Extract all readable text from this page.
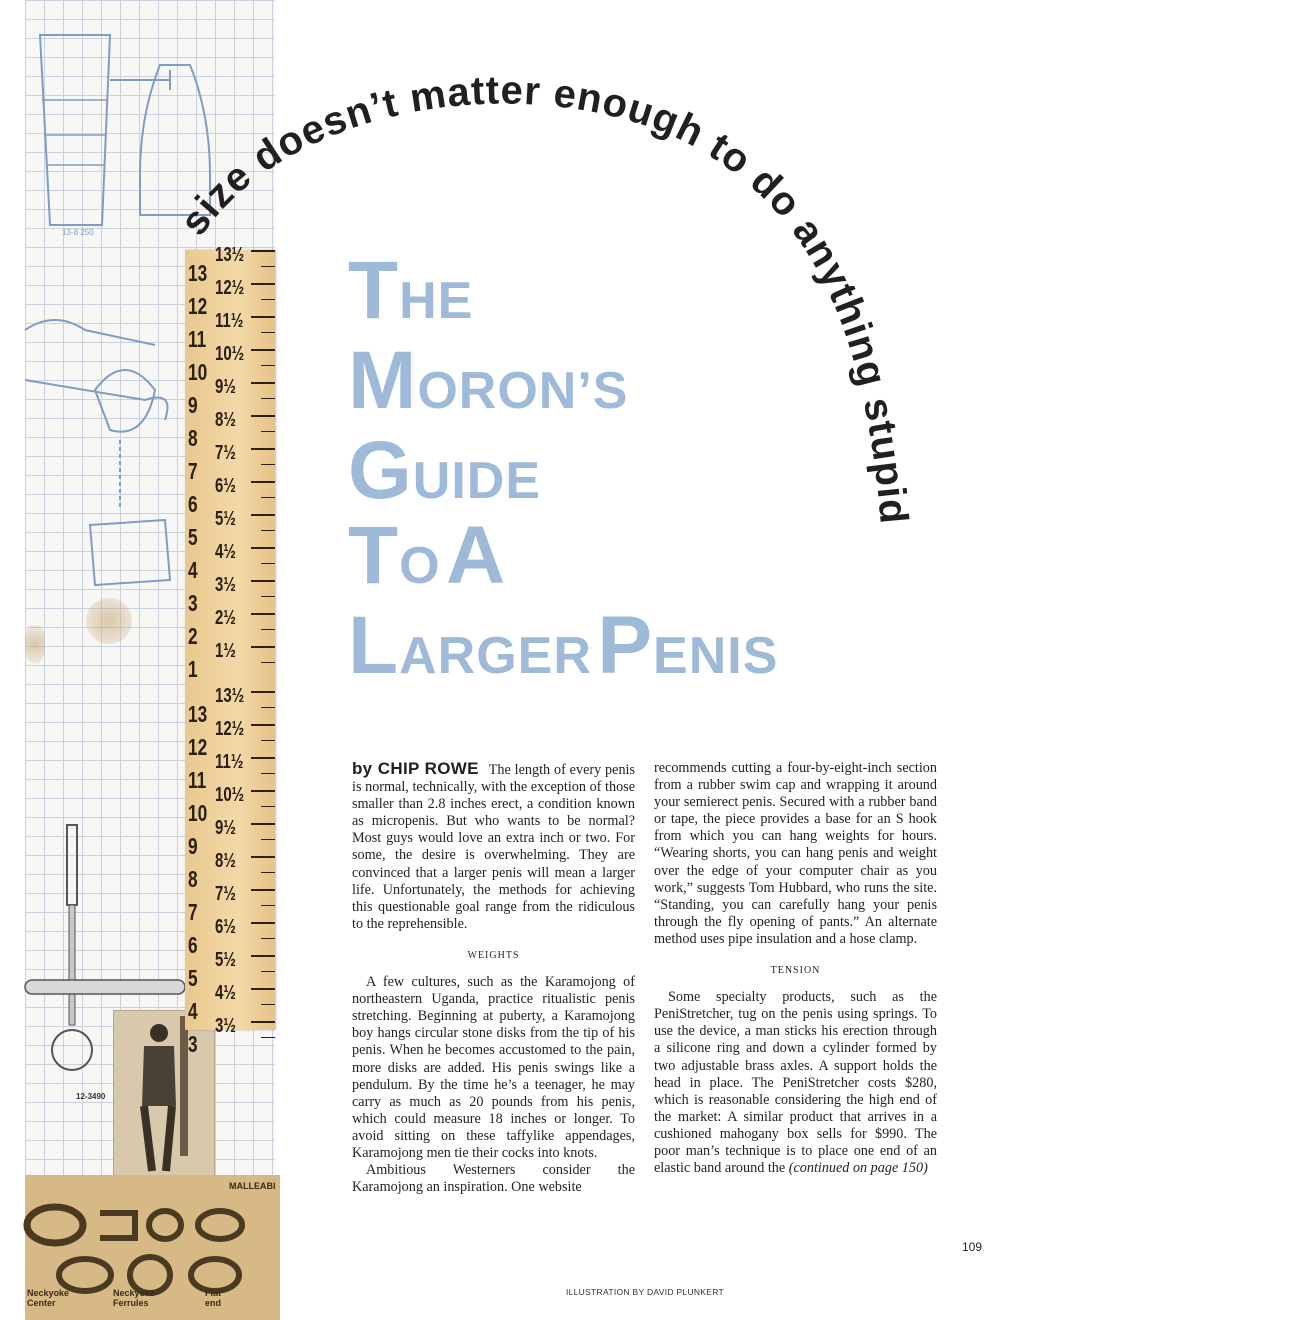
13-8 250
12-3490
MALLEABI
Neckyoke Center
Neckyoke Ferrules
Flat end
13½
13
12½
12
11½
11
10½
10
9½
9
8½
8
7½
7
6½
6
5½
5
4½
4
3½
3
2½
2
1½
1
13½
13
12½
12
11½
11
10½
10
9½
9
8½
8
7½
7
6½
6
5½
5
4½
4
3½
3
size doesn’t matter enough to do anything stupid
THE
MORON’S
GUIDE
TO A
LARGER PENIS

by CHIP ROWE The length of every penis is normal, technically, with the exception of those smaller than 2.8 inches erect, a condition known as micropenis. But who wants to be normal? Most guys would love an extra inch or two. For some, the desire is overwhelming. They are convinced that a larger penis will mean a larger life. Unfortunately, the methods for achieving this questionable goal range from the ridiculous to the reprehensible.

WEIGHTS

A few cultures, such as the Karamojong of northeastern Uganda, practice ritualistic penis stretching. Beginning at puberty, a Karamojong boy hangs circular stone disks from the tip of his penis. When he becomes accustomed to the pain, more disks are added. His penis swings like a pendulum. By the time he’s a teenager, he may carry as much as 20 pounds from his penis, which could measure 18 inches or longer. To avoid sitting on these taffylike appendages, Karamojong men tie their cocks into knots.

Ambitious Westerners consider the Karamojong an inspiration. One website

recommends cutting a four-by-eight-inch section from a rubber swim cap and wrapping it around your semierect penis. Secured with a rubber band or tape, the piece provides a base for an S hook from which you can hang weights for hours. “Wearing shorts, you can hang penis and weight over the edge of your computer chair as you work,” suggests Tom Hubbard, who runs the site. “Standing, you can carefully hang your penis through the fly opening of pants.” An alternate method uses pipe insulation and a hose clamp.

TENSION

Some specialty products, such as the PeniStretcher, tug on the penis using springs. To use the device, a man sticks his erection through a silicone ring and down a cylinder formed by two adjustable brass axles. A support holds the head in place. The PeniStretcher costs $280, which is reasonable considering the high end of the market: A similar product that arrives in a cushioned mahogany box sells for $990. The poor man’s technique is to place one end of an elastic band around the (continued on page 150)

109
ILLUSTRATION BY DAVID PLUNKERT
